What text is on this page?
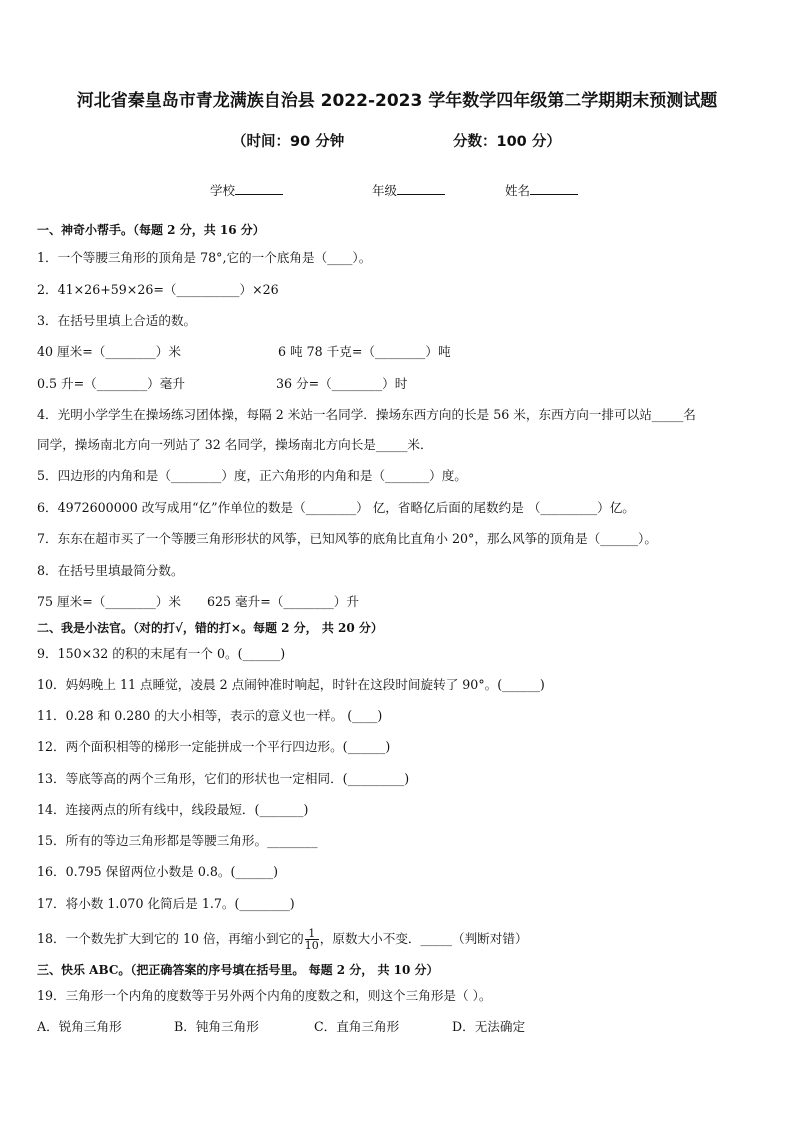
河北省秦皇岛市青龙满族自治县 2022-2023 学年数学四年级第二学期期末预测试题
（时间：90 分钟	分数：100 分）
学校	年级	姓名
一、神奇小帮手。（每题 2 分，共 16 分）
1．一个等腰三角形的顶角是 78°,它的一个底角是（____）。
2．41×26+59×26=（__________）×26
3．在括号里填上合适的数。
40 厘米=（________）米	6 吨 78 千克=（________）吨
0.5 升=（________）毫升	36 分=（________）时
4．光明小学学生在操场练习团体操，每隔 2 米站一名同学．操场东西方向的长是 56 米，东西方向一排可以站_____名
同学，操场南北方向一列站了 32 名同学，操场南北方向长是_____米．
5．四边形的内角和是（________）度，正六角形的内角和是（_______）度。
6．4972600000 改写成用“亿”作单位的数是（________） 亿，省略亿后面的尾数约是 （_________）亿。
7．东东在超市买了一个等腰三角形形状的风筝，已知风筝的底角比直角小 20°，那么风筝的顶角是（______）。
8．在括号里填最简分数。
75 厘米=（________）米 625 毫升=（________）升
二、我是小法官。（对的打√，错的打×。每题 2 分， 共 20 分）
9．150×32 的积的末尾有一个 0。(______)
10．妈妈晚上 11 点睡觉，凌晨 2 点闹钟准时响起，时针在这段时间旋转了 90°。(______)
11．0.28 和 0.280 的大小相等，表示的意义也一样。 (____)
12．两个面积相等的梯形一定能拼成一个平行四边形。(______)
13．等底等高的两个三角形，它们的形状也一定相同．(_________)
14．连接两点的所有线中，线段最短．(_______)
15．所有的等边三角形都是等腰三角形。________
16．0.795 保留两位小数是 0.8。(______)
17．将小数 1.070 化简后是 1.7。(________)
18．一个数先扩大到它的 10 倍，再缩小到它的 $\frac{1}{10}$ ，原数大小不变．_____（判断对错）
三、快乐 ABC。（把正确答案的序号填在括号里。 每题 2 分， 共 10 分）
19．三角形一个内角的度数等于另外两个内角的度数之和，则这个三角形是（ ）。
A．锐角三角形	B．钝角三角形	C．直角三角形	D．无法确定
